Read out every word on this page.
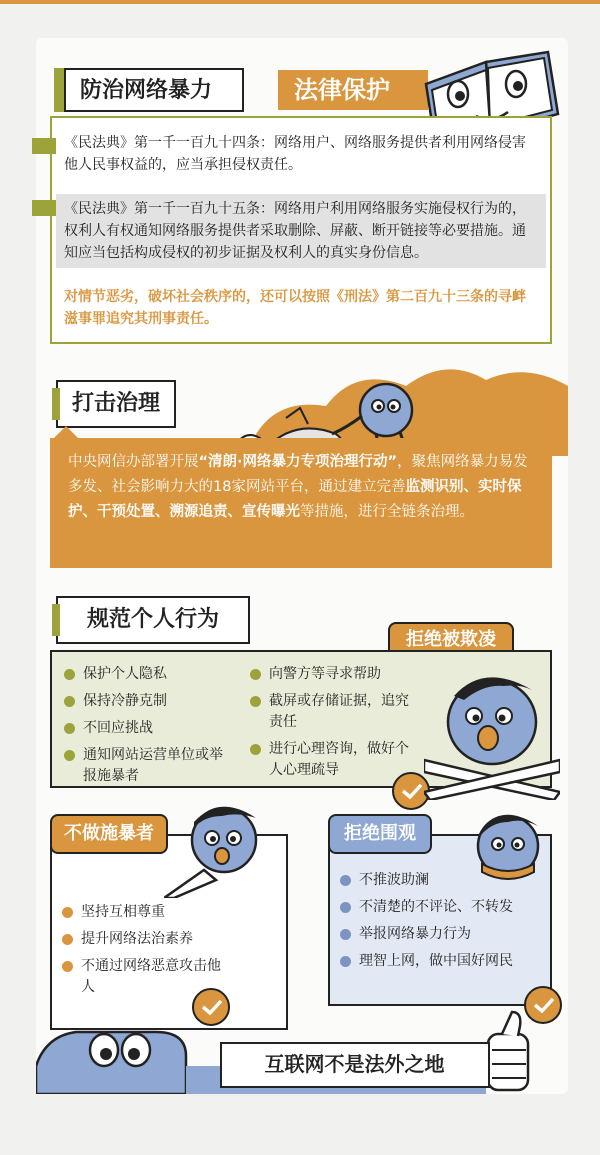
防治网络暴力	法律保护
《民法典》第一千一百九十四条：网络用户、网络服务提供者利用网络侵害他人民事权益的，应当承担侵权责任。
《民法典》第一千一百九十五条：网络用户利用网络服务实施侵权行为的，权利人有权通知网络服务提供者采取删除、屏蔽、断开链接等必要措施。通知应当包括构成侵权的初步证据及权利人的真实身份信息。
对情节恶劣，破坏社会秩序的，还可以按照《刑法》第二百九十三条的寻衅滋事罪追究其刑事责任。
打击治理
中央网信办部署开展“清朗·网络暴力专项治理行动”，聚焦网络暴力易发多发、社会影响力大的18家网站平台，通过建立完善监测识别、实时保护、干预处置、溯源追责、宣传曝光等措施，进行全链条治理。
规范个人行为
拒绝被欺凌
保护个人隐私
保持冷静克制
不回应挑战
通知网站运营单位或举报施暴者
向警方等寻求帮助
截屏或存储证据，追究责任
进行心理咨询，做好个人心理疏导
不做施暴者
坚持互相尊重
提升网络法治素养
不通过网络恶意攻击他人
拒绝围观
不推波助澜
不清楚的不评论、不转发
举报网络暴力行为
理智上网，做中国好网民
互联网不是法外之地
